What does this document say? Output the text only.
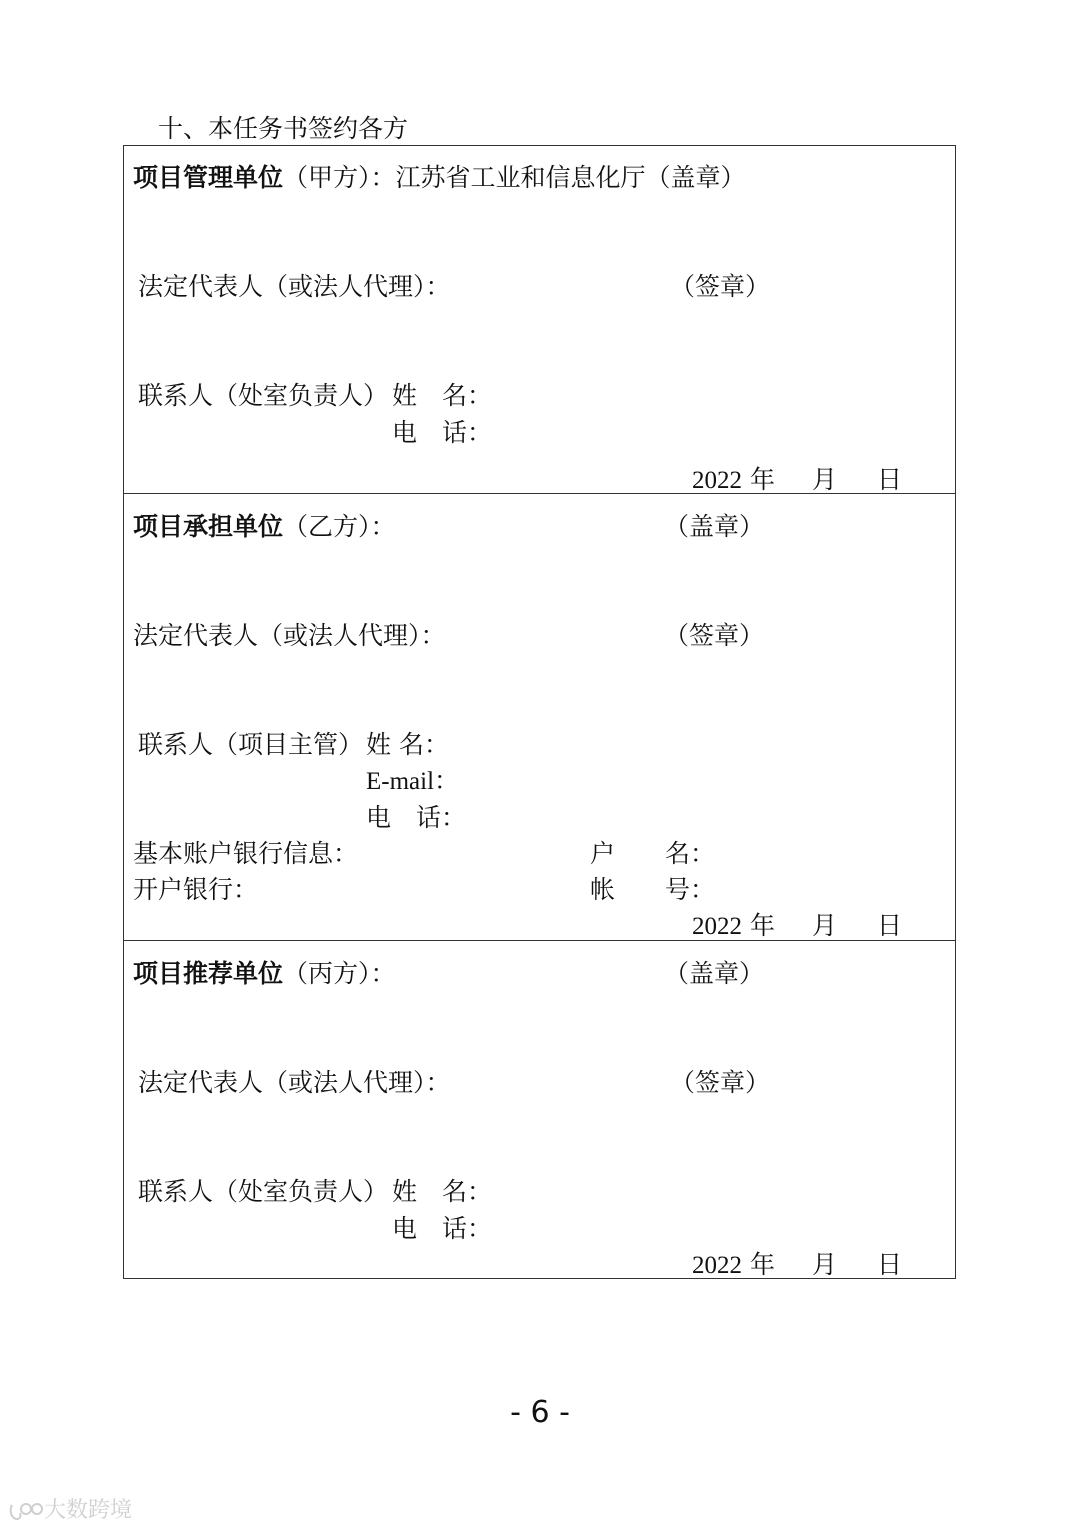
十、本任务书签约各方
项目管理单位（甲方）：江苏省工业和信息化厅（盖章）
法定代表人（或法人代理）：	（签章）
联系人（处室负责人） 姓　名：
电　话：
2022 年 月 日
项目承担单位（乙方）：	（盖章）
法定代表人（或法人代理）：	（签章）
联系人（项目主管） 姓 名：
E-mail：
电　话：
基本账户银行信息：	户　　名：
开户银行：	帐　　号：
2022 年 月 日
项目推荐单位（丙方）：	（盖章）
法定代表人（或法人代理）：	（签章）
联系人（处室负责人） 姓　名：
电　话：
2022 年 月 日
- 6 -
大数跨境
